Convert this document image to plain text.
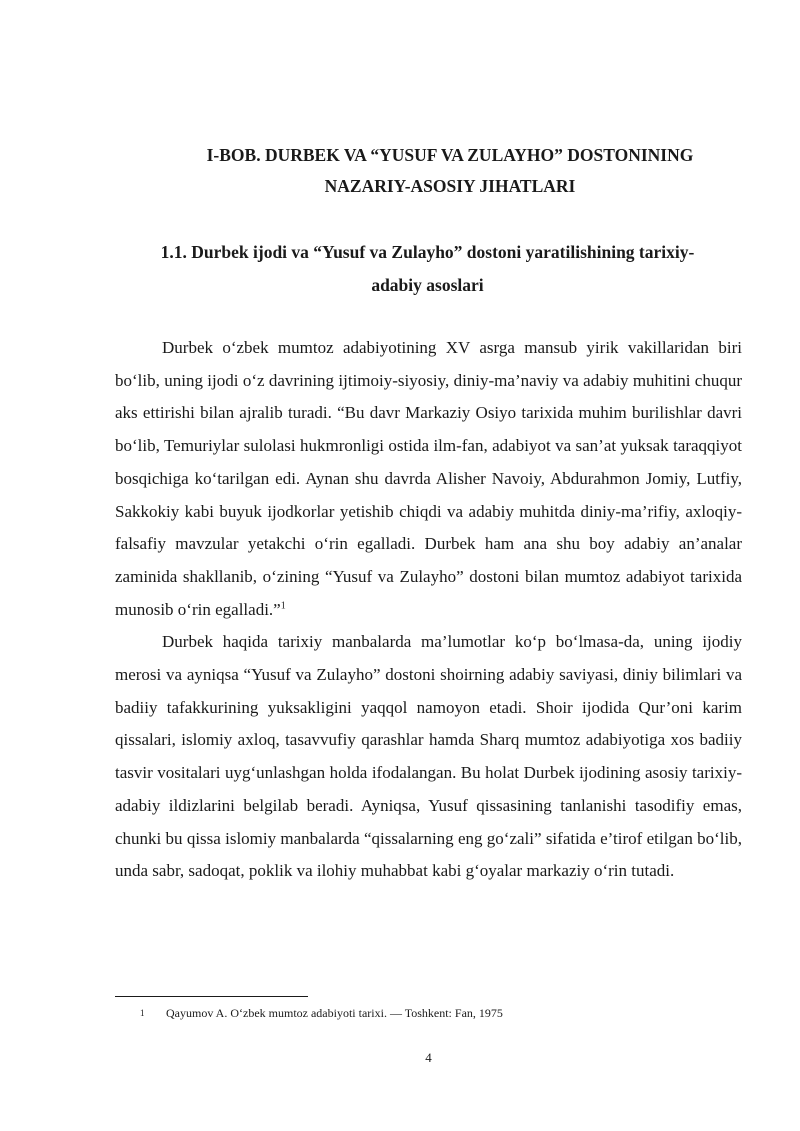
I-BOB. DURBEK VA “YUSUF VA ZULAYHO” DOSTONINING
NAZARIY-ASOSIY JIHATLARI
1.1. Durbek ijodi va “Yusuf va Zulayho” dostoni yaratilishining tarixiy-
adabiy asoslari

Durbek o‘zbek mumtoz adabiyotining XV asrga mansub yirik vakillaridan biri bo‘lib, uning ijodi o‘z davrining ijtimoiy-siyosiy, diniy-ma’naviy va adabiy muhitini chuqur aks ettirishi bilan ajralib turadi. “Bu davr Markaziy Osiyo tarixida muhim burilishlar davri bo‘lib, Temuriylar sulolasi hukmronligi ostida ilm-fan, adabiyot va san’at yuksak taraqqiyot bosqichiga ko‘tarilgan edi. Aynan shu davrda Alisher Navoiy, Abdurahmon Jomiy, Lutfiy, Sakkokiy kabi buyuk ijodkorlar yetishib chiqdi va adabiy muhitda diniy-ma’rifiy, axloqiy-falsafiy mavzular yetakchi o‘rin egalladi. Durbek ham ana shu boy adabiy an’analar zaminida shakllanib, o‘zining “Yusuf va Zulayho” dostoni bilan mumtoz adabiyot tarixida munosib o‘rin egalladi.”$^1$

Durbek haqida tarixiy manbalarda ma’lumotlar ko‘p bo‘lmasa-da, uning ijodiy merosi va ayniqsa “Yusuf va Zulayho” dostoni shoirning adabiy saviyasi, diniy bilimlari va badiiy tafakkurining yuksakligini yaqqol namoyon etadi. Shoir ijodida Qur’oni karim qissalari, islomiy axloq, tasavvufiy qarashlar hamda Sharq mumtoz adabiyotiga xos badiiy tasvir vositalari uyg‘unlashgan holda ifodalangan. Bu holat Durbek ijodining asosiy tarixiy-adabiy ildizlarini belgilab beradi. Ayniqsa, Yusuf qissasining tanlanishi tasodifiy emas, chunki bu qissa islomiy manbalarda “qissalarning eng go‘zali” sifatida e’tirof etilgan bo‘lib, unda sabr, sadoqat, poklik va ilohiy muhabbat kabi g‘oyalar markaziy o‘rin tutadi.

1 Qayumov A. O‘zbek mumtoz adabiyoti tarixi. — Toshkent: Fan, 1975
4
